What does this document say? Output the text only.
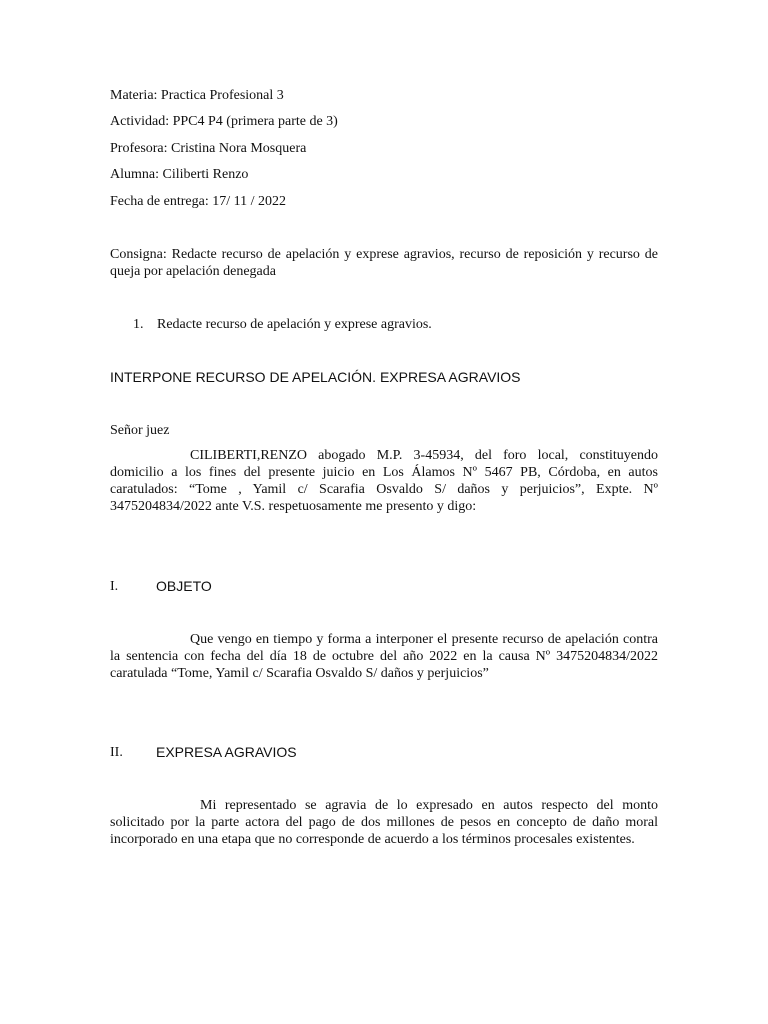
Materia: Practica Profesional 3
Actividad: PPC4 P4 (primera parte de 3)
Profesora: Cristina Nora Mosquera
Alumna: Ciliberti Renzo
Fecha de entrega: 17/ 11 / 2022
Consigna: Redacte recurso de apelación y exprese agravios, recurso de reposición y recurso de queja por apelación denegada
1. Redacte recurso de apelación y exprese agravios.
INTERPONE RECURSO DE APELACIÓN. EXPRESA AGRAVIOS
Señor juez
CILIBERTI,RENZO abogado M.P. 3-45934, del foro local, constituyendo domicilio a los fines del presente juicio en Los Álamos Nº 5467 PB, Córdoba, en autos caratulados: “Tome , Yamil c/ Scarafia Osvaldo S/ daños y perjuicios”, Expte. Nº 3475204834/2022 ante V.S. respetuosamente me presento y digo:
I.	OBJETO
Que vengo en tiempo y forma a interponer el presente recurso de apelación contra la sentencia con fecha del día 18 de octubre del año 2022 en la causa Nº 3475204834/2022 caratulada “Tome, Yamil c/ Scarafia Osvaldo S/ daños y perjuicios”
II. EXPRESA AGRAVIOS
Mi representado se agravia de lo expresado en autos respecto del monto solicitado por la parte actora del pago de dos millones de pesos en concepto de daño moral incorporado en una etapa que no corresponde de acuerdo a los términos procesales existentes.
